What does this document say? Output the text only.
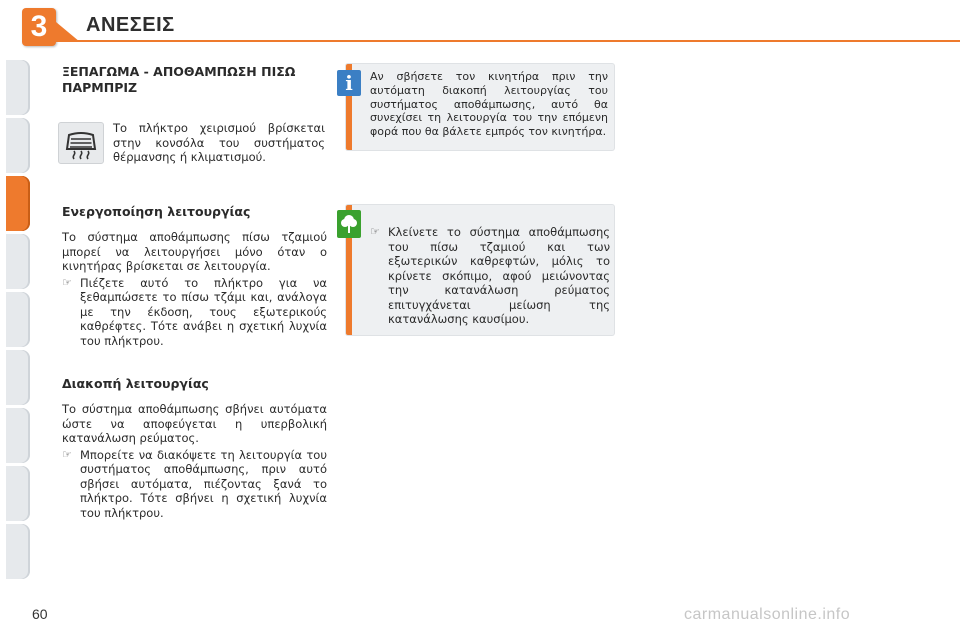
3	ΑΝΕΣΕΙΣ
ΞΕΠΑΓΩΜΑ - ΑΠΟΘΑΜΠΩΣΗ ΠΙΣΩ ΠΑΡΜΠΡΙΖ
Το πλήκτρο χειρισμού βρίσκεται στην κονσόλα του συστήματος θέρμανσης ή κλιματισμού.
Ενεργοποίηση λειτουργίας

Το σύστημα αποθάμπωσης πίσω τζαμιού μπορεί να λειτουργήσει μόνο όταν ο κινητήρας βρίσκεται σε λειτουργία.

☞ Πιέζετε αυτό το πλήκτρο για να ξεθαμπώσετε το πίσω τζάμι και, ανάλογα με την έκδοση, τους εξωτερικούς καθρέφτες. Τότε ανάβει η σχετική λυχνία του πλήκτρου.
Διακοπή λειτουργίας

Το σύστημα αποθάμπωσης σβήνει αυτόματα ώστε να αποφεύγεται η υπερβολική κατανάλωση ρεύματος.

☞ Μπορείτε να διακόψετε τη λειτουργία του συστήματος αποθάμπωσης, πριν αυτό σβήσει αυτόματα, πιέζοντας ξανά το πλήκτρο. Τότε σβήνει η σχετική λυχνία του πλήκτρου.
i	Αν σβήσετε τον κινητήρα πριν την αυτόματη διακοπή λειτουργίας του συστήματος αποθάμπωσης, αυτό θα συνεχίσει τη λειτουργία του την επόμενη φορά που θα βάλετε εμπρός τον κινητήρα.
☞ Κλείνετε το σύστημα αποθάμπωσης του πίσω τζαμιού και των εξωτερικών καθρεφτών, μόλις το κρίνετε σκόπιμο, αφού μειώνοντας την κατανάλωση ρεύματος επιτυγχάνεται μείωση της κατανάλωσης καυσίμου.
60	carmanualsonline.info
